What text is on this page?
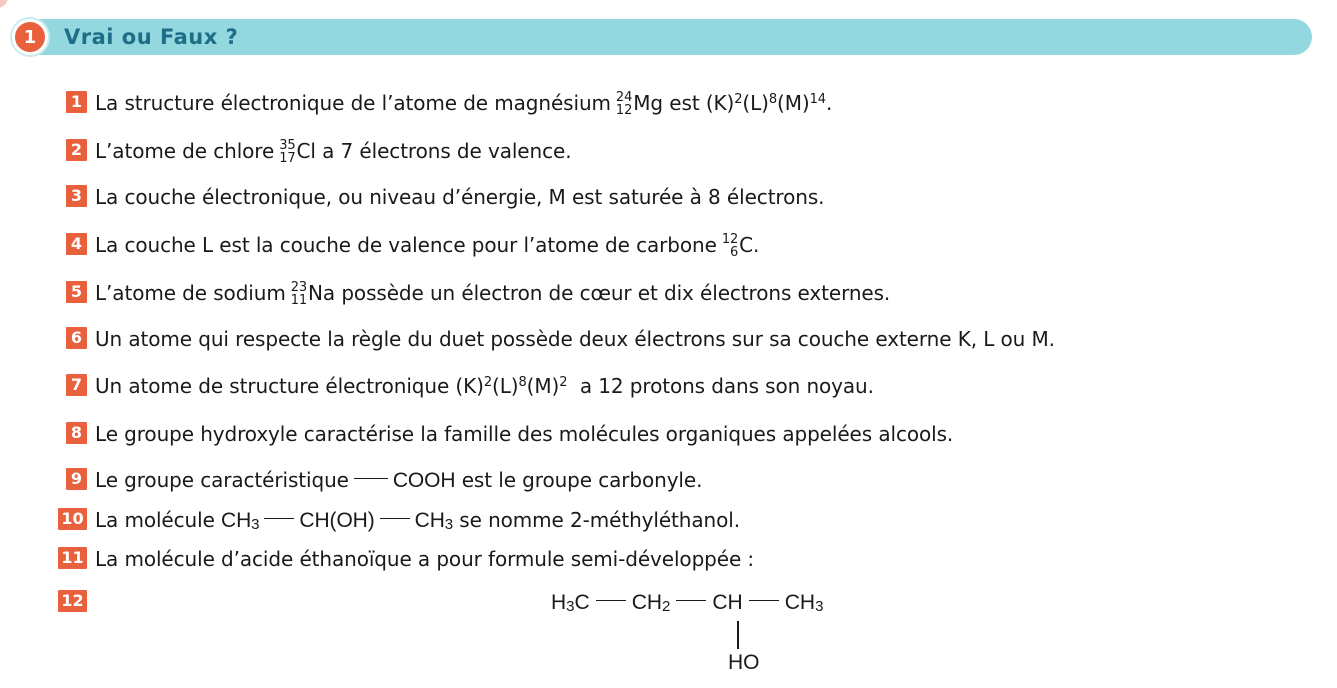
1	Vrai ou Faux ?
1 La structure électronique de l’atome de magnésium 24
12 Mg est $(K)^2(L)^8(M)^{14}$.
2 L’atome de chlore 35
17 Cl a 7 électrons de valence.
3 La couche électronique, ou niveau d’énergie, M est saturée à 8 électrons.
4 La couche L est la couche de valence pour l’atome de carbone 12
6 C.
5 L’atome de sodium 23
11 Na possède un électron de cœur et dix électrons externes.
6 Un atome qui respecte la règle du duet possède deux électrons sur sa couche externe K, L ou M.
7 Un atome de structure électronique $(K)^2(L)^8(M)^2$  a 12 protons dans son noyau.
8 Le groupe hydroxyle caractérise la famille des molécules organiques appelées alcools.
9 Le groupe caractéristique COOH est le groupe carbonyle.
10 La molécule $CH_3$ CH(OH) $CH_3$ se nomme 2-méthyléthanol.
11 La molécule d’acide éthanoïque a pour formule semi-développée :
12	$H_3C$ $CH_2$ CH $CH_3$
HO
